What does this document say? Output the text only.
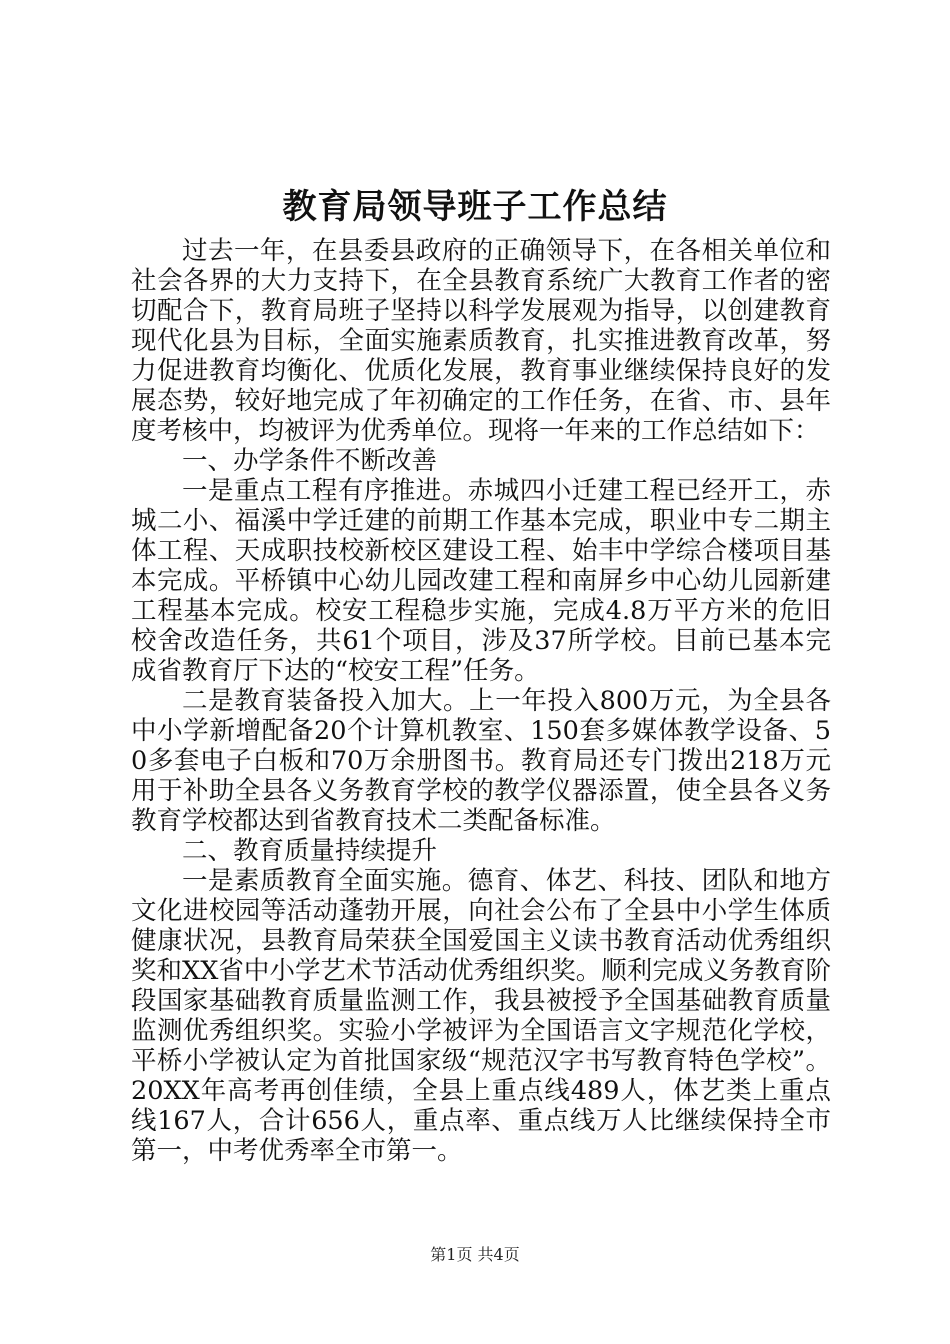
教育局领导班子工作总结

过去一年，在县委县政府的正确领导下，在各相关单位和社会各界的大力支持下，在全县教育系统广大教育工作者的密切配合下，教育局班子坚持以科学发展观为指导，以创建教育现代化县为目标，全面实施素质教育，扎实推进教育改革，努力促进教育均衡化、优质化发展，教育事业继续保持良好的发展态势，较好地完成了年初确定的工作任务，在省、市、县年度考核中，均被评为优秀单位。现将一年来的工作总结如下：

一、办学条件不断改善

一是重点工程有序推进。赤城四小迁建工程已经开工，赤城二小、福溪中学迁建的前期工作基本完成，职业中专二期主体工程、天成职技校新校区建设工程、始丰中学综合楼项目基本完成。平桥镇中心幼儿园改建工程和南屏乡中心幼儿园新建工程基本完成。校安工程稳步实施，完成4.8万平方米的危旧校舍改造任务，共61个项目，涉及37所学校。目前已基本完成省教育厅下达的“校安工程”任务。

二是教育装备投入加大。上一年投入800万元，为全县各中小学新增配备20个计算机教室、150套多媒体教学设备、50多套电子白板和70万余册图书。教育局还专门拨出218万元用于补助全县各义务教育学校的教学仪器添置，使全县各义务教育学校都达到省教育技术二类配备标准。

二、教育质量持续提升

一是素质教育全面实施。德育、体艺、科技、团队和地方文化进校园等活动蓬勃开展，向社会公布了全县中小学生体质健康状况，县教育局荣获全国爱国主义读书教育活动优秀组织奖和XX省中小学艺术节活动优秀组织奖。顺利完成义务教育阶段国家基础教育质量监测工作，我县被授予全国基础教育质量监测优秀组织奖。实验小学被评为全国语言文字规范化学校，平桥小学被认定为首批国家级“规范汉字书写教育特色学校”。20XX年高考再创佳绩，全县上重点线489人，体艺类上重点线167人，合计656人，重点率、重点线万人比继续保持全市第一，中考优秀率全市第一。

第1页 共4页
